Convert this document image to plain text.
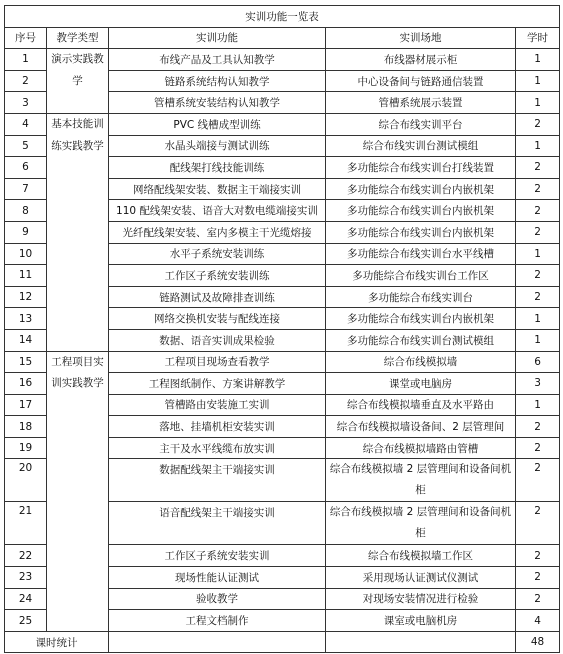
实训功能一览表				
序号	教学类型	实训功能	实训场地	学时
1	演示实践教学	布线产品及工具认知教学	布线器材展示柜	1
2		链路系统结构认知教学	中心设备间与链路通信装置	1
3		管槽系统安装结构认知教学	管槽系统展示装置	1
4	基本技能训练实践教学	PVC 线槽成型训练	综合布线实训平台	2
5		水晶头端接与测试训练	综合布线实训台测试模组	1
6		配线架打线技能训练	多功能综合布线实训台打线装置	2
7		网络配线架安装、数据主干端接实训	多功能综合布线实训台内嵌机架	2
8		110 配线架安装、语音大对数电缆端接实训	多功能综合布线实训台内嵌机架	2
9		光纤配线架安装、室内多模主干光缆熔接	多功能综合布线实训台内嵌机架	2
10		水平子系统安装训练	多功能综合布线实训台水平线槽	1
11		工作区子系统安装训练	多功能综合布线实训台工作区	2
12		链路测试及故障排查训练	多功能综合布线实训台	2
13		网络交换机安装与配线连接	多功能综合布线实训台内嵌机架	1
14		数据、语音实训成果检验	多功能综合布线实训台测试模组	1
15	工程项目实训实践教学	工程项目现场查看教学	综合布线模拟墙	6
16		工程图纸制作、方案讲解教学	课堂或电脑房	3
17		管槽路由安装施工实训	综合布线模拟墙垂直及水平路由	1
18		落地、挂墙机柜安装实训	综合布线模拟墙设备间、2 层管理间	2
19		主干及水平线缆布放实训	综合布线模拟墙路由管槽	2
20		数据配线架主干端接实训	综合布线模拟墙 2 层管理间和设备间机柜	2
21		语音配线架主干端接实训	综合布线模拟墙 2 层管理间和设备间机柜	2
22		工作区子系统安装实训	综合布线模拟墙工作区	2
23		现场性能认证测试	采用现场认证测试仪测试	2
24		验收教学	对现场安装情况进行检验	2
25		工程文档制作	课室或电脑机房	4
课时统计				48
